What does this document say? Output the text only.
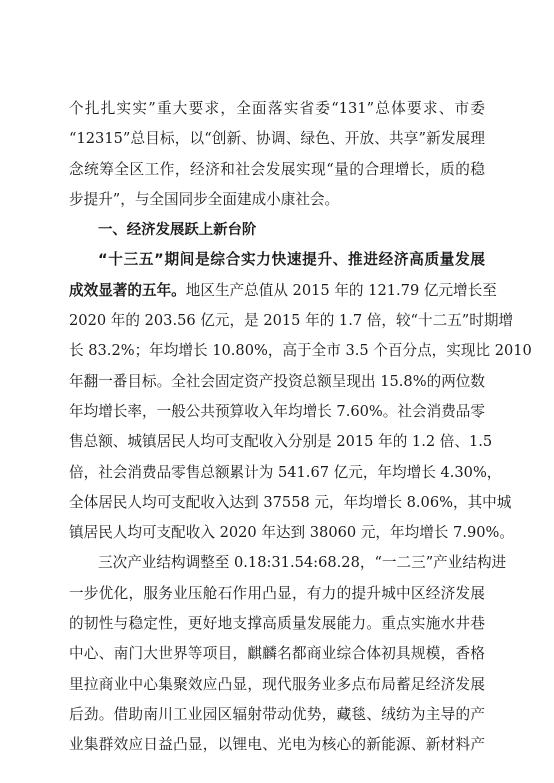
个扎扎实实”重大要求，全面落实省委“131”总体要求、市委
“12315”总目标，以“创新、协调、绿色、开放、共享”新发展理
念统筹全区工作，经济和社会发展实现“量的合理增长，质的稳
步提升”，与全国同步全面建成小康社会。
一、经济发展跃上新台阶
“十三五”期间是综合实力快速提升、推进经济高质量发展
成效显著的五年。地区生产总值从 2015 年的 121.79 亿元增长至
2020 年的 203.56 亿元，是 2015 年的 1.7 倍，较“十二五”时期增
长 83.2%；年均增长 10.80%，高于全市 3.5 个百分点，实现比 2010
年翻一番目标。全社会固定资产投资总额呈现出 15.8%的两位数
年均增长率，一般公共预算收入年均增长 7.60%。社会消费品零
售总额、城镇居民人均可支配收入分别是 2015 年的 1.2 倍、1.5
倍，社会消费品零售总额累计为 541.67 亿元，年均增长 4.30%，
全体居民人均可支配收入达到 37558 元，年均增长 8.06%，其中城
镇居民人均可支配收入 2020 年达到 38060 元，年均增长 7.90%。
三次产业结构调整至 0.18:31.54:68.28，“一二三”产业结构进
一步优化，服务业压舱石作用凸显，有力的提升城中区经济发展
的韧性与稳定性，更好地支撑高质量发展能力。重点实施水井巷
中心、南门大世界等项目，麒麟名都商业综合体初具规模，香格
里拉商业中心集聚效应凸显，现代服务业多点布局蓄足经济发展
后劲。借助南川工业园区辐射带动优势，藏毯、绒纺为主导的产
业集群效应日益凸显，以锂电、光电为核心的新能源、新材料产
